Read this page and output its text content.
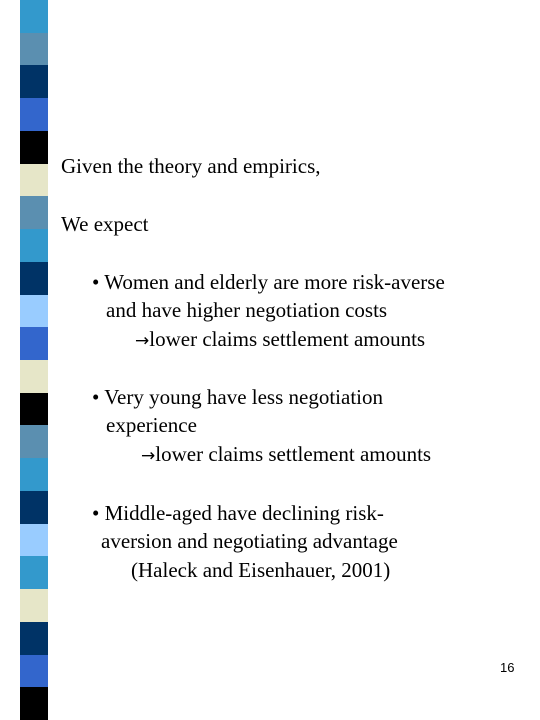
Given the theory and empirics,
We expect
• Women and elderly are more risk-averse
and have higher negotiation costs
→lower claims settlement amounts
• Very young have less negotiation
experience
→lower claims settlement amounts
• Middle-aged have declining risk-
aversion and negotiating advantage
(Haleck and Eisenhauer, 2001)
16
